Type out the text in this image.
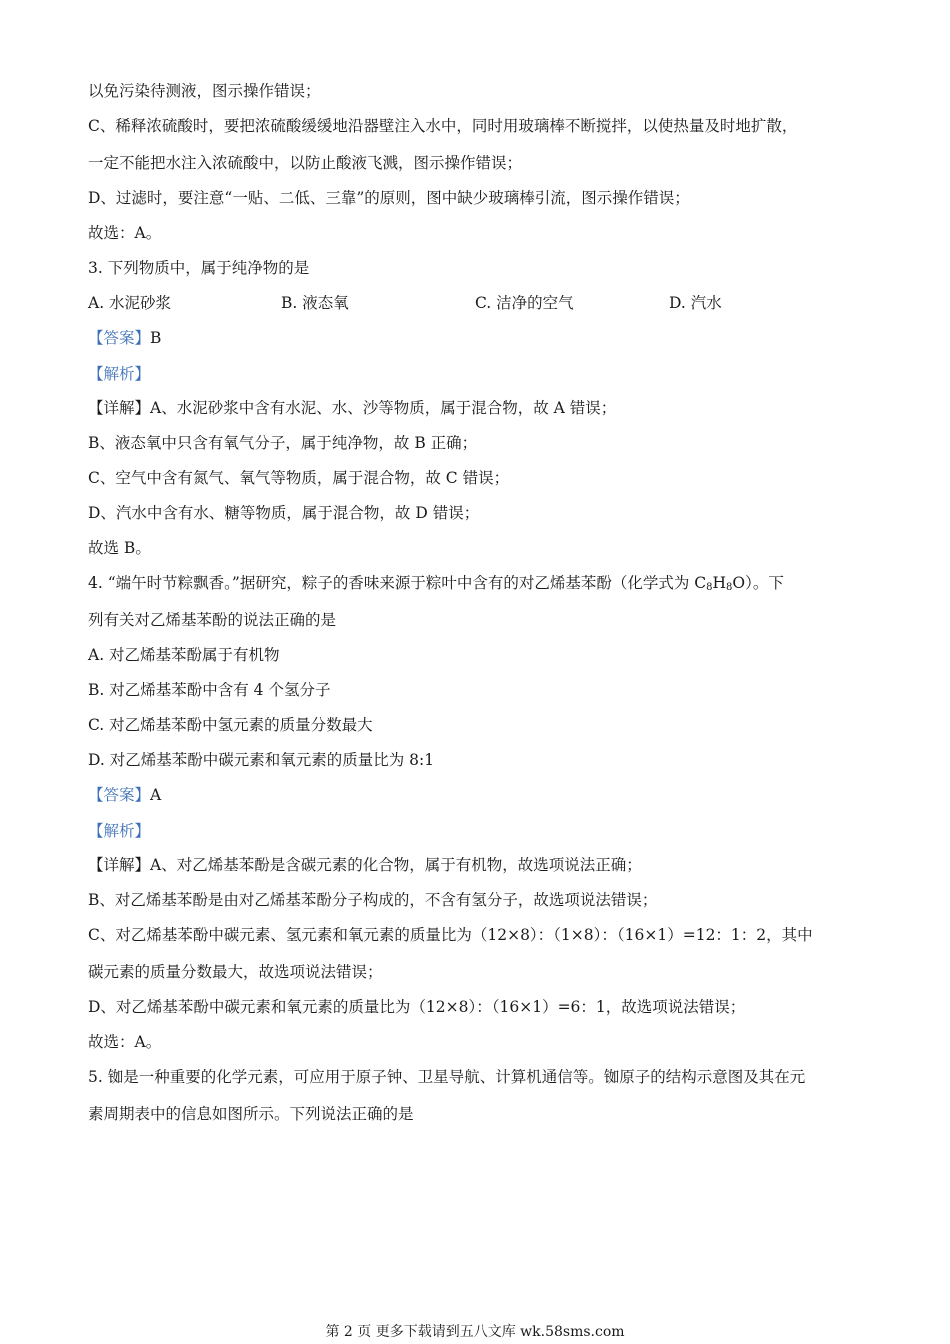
以免污染待测液，图示操作错误；
C、稀释浓硫酸时，要把浓硫酸缓缓地沿器壁注入水中，同时用玻璃棒不断搅拌，以使热量及时地扩散，
一定不能把水注入浓硫酸中，以防止酸液飞溅，图示操作错误；
D、过滤时，要注意“一贴、二低、三靠”的原则，图中缺少玻璃棒引流，图示操作错误；
故选：A。
3. 下列物质中，属于纯净物的是
A. 水泥砂浆	B. 液态氧	C. 洁净的空气	D. 汽水
【答案】B
【解析】
【详解】A、水泥砂浆中含有水泥、水、沙等物质，属于混合物，故 A 错误；
B、液态氧中只含有氧气分子，属于纯净物，故 B 正确；
C、空气中含有氮气、氧气等物质，属于混合物，故 C 错误；
D、汽水中含有水、糖等物质，属于混合物，故 D 错误；
故选 B。
4. “端午时节粽飘香。”据研究，粽子的香味来源于粽叶中含有的对乙烯基苯酚（化学式为 $C_8H_8O$）。下
列有关对乙烯基苯酚的说法正确的是
A. 对乙烯基苯酚属于有机物
B. 对乙烯基苯酚中含有 4 个氢分子
C. 对乙烯基苯酚中氢元素的质量分数最大
D. 对乙烯基苯酚中碳元素和氧元素的质量比为 8:1
【答案】A
【解析】
【详解】A、对乙烯基苯酚是含碳元素的化合物，属于有机物，故选项说法正确；
B、对乙烯基苯酚是由对乙烯基苯酚分子构成的，不含有氢分子，故选项说法错误；
C、对乙烯基苯酚中碳元素、氢元素和氧元素的质量比为（12×8）：（1×8）：（16×1）=12：1：2，其中
碳元素的质量分数最大，故选项说法错误；
D、对乙烯基苯酚中碳元素和氧元素的质量比为（12×8）：（16×1）=6：1，故选项说法错误；
故选：A。
5. 铷是一种重要的化学元素，可应用于原子钟、卫星导航、计算机通信等。铷原子的结构示意图及其在元
素周期表中的信息如图所示。下列说法正确的是
第 2 页 更多下载请到五八文库 wk.58sms.com
